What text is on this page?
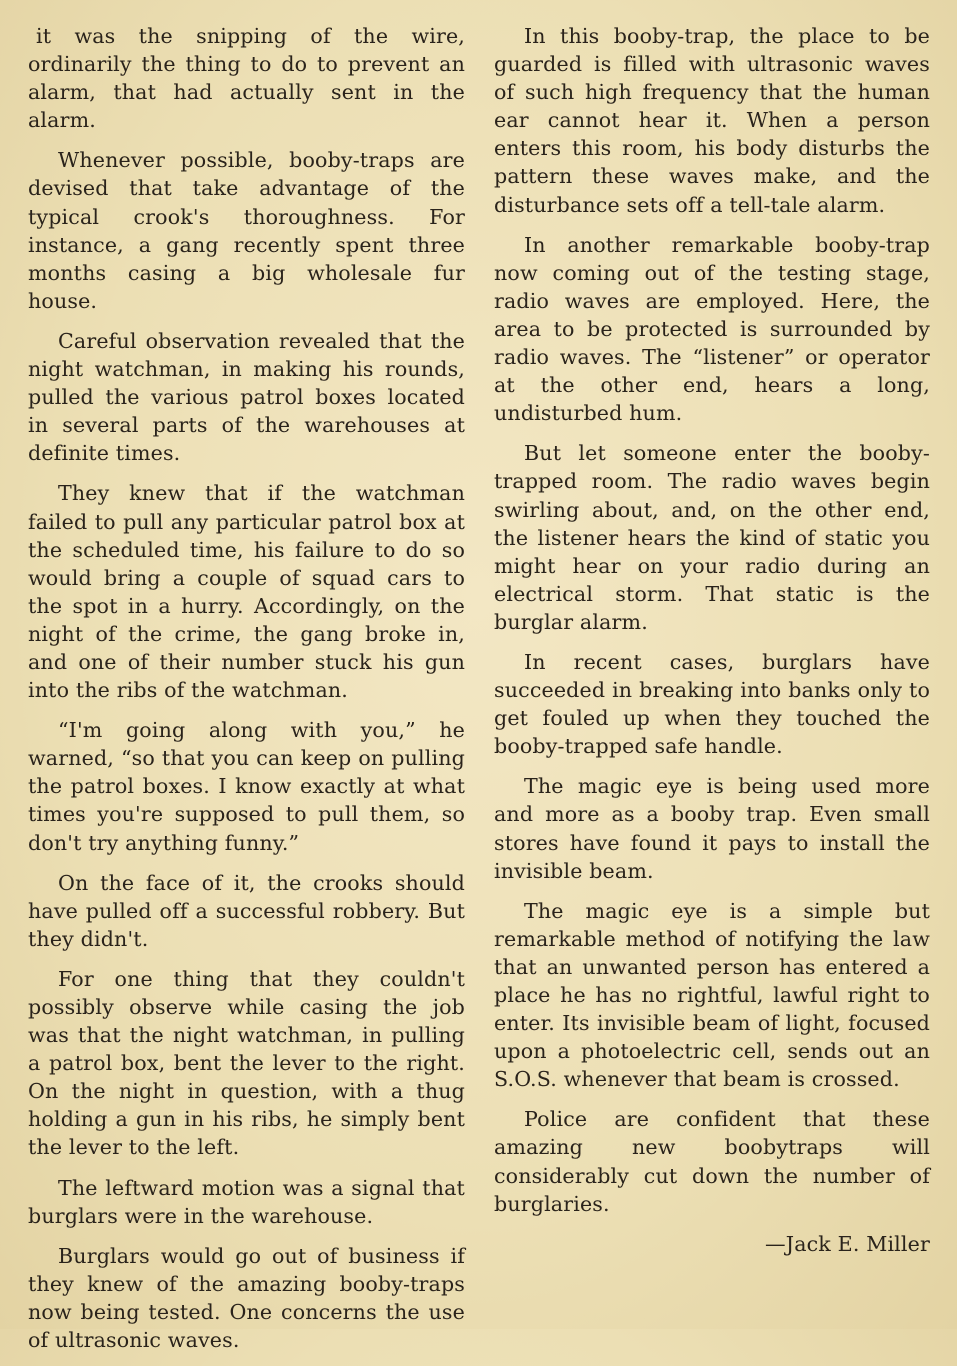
it was the snipping of the wire, ordinarily the thing to do to prevent an alarm, that had actually sent in the alarm.

Whenever possible, booby-traps are devised that take advantage of the typical crook's thoroughness. For instance, a gang recently spent three months casing a big wholesale fur house.

Careful observation revealed that the night watchman, in making his rounds, pulled the various patrol boxes located in several parts of the warehouses at definite times.

They knew that if the watchman failed to pull any particular patrol box at the scheduled time, his failure to do so would bring a couple of squad cars to the spot in a hurry. Accordingly, on the night of the crime, the gang broke in, and one of their number stuck his gun into the ribs of the watchman.

“I'm going along with you,” he warned, “so that you can keep on pulling the patrol boxes. I know exactly at what times you're supposed to pull them, so don't try anything funny.”

On the face of it, the crooks should have pulled off a successful robbery. But they didn't.

For one thing that they couldn't possibly observe while casing the job was that the night watchman, in pulling a patrol box, bent the lever to the right. On the night in question, with a thug holding a gun in his ribs, he simply bent the lever to the left.

The leftward motion was a signal that burglars were in the warehouse.

Burglars would go out of business if they knew of the amazing booby-traps now being tested. One concerns the use of ultrasonic waves.

In this booby-trap, the place to be guarded is filled with ultrasonic waves of such high frequency that the human ear cannot hear it. When a person enters this room, his body disturbs the pattern these waves make, and the disturbance sets off a tell-tale alarm.

In another remarkable booby-trap now coming out of the testing stage, radio waves are employed. Here, the area to be protected is surrounded by radio waves. The “listener” or operator at the other end, hears a long, undisturbed hum.

But let someone enter the booby-trapped room. The radio waves begin swirling about, and, on the other end, the listener hears the kind of static you might hear on your radio during an electrical storm. That static is the burglar alarm.

In recent cases, burglars have succeeded in breaking into banks only to get fouled up when they touched the booby-trapped safe handle.

The magic eye is being used more and more as a booby trap. Even small stores have found it pays to install the invisible beam.

The magic eye is a simple but remarkable method of notifying the law that an unwanted person has entered a place he has no rightful, lawful right to enter. Its invisible beam of light, focused upon a photoelectric cell, sends out an S.O.S. whenever that beam is crossed.

Police are confident that these amazing new boobytraps will considerably cut down the number of burglaries.

—Jack E. Miller
